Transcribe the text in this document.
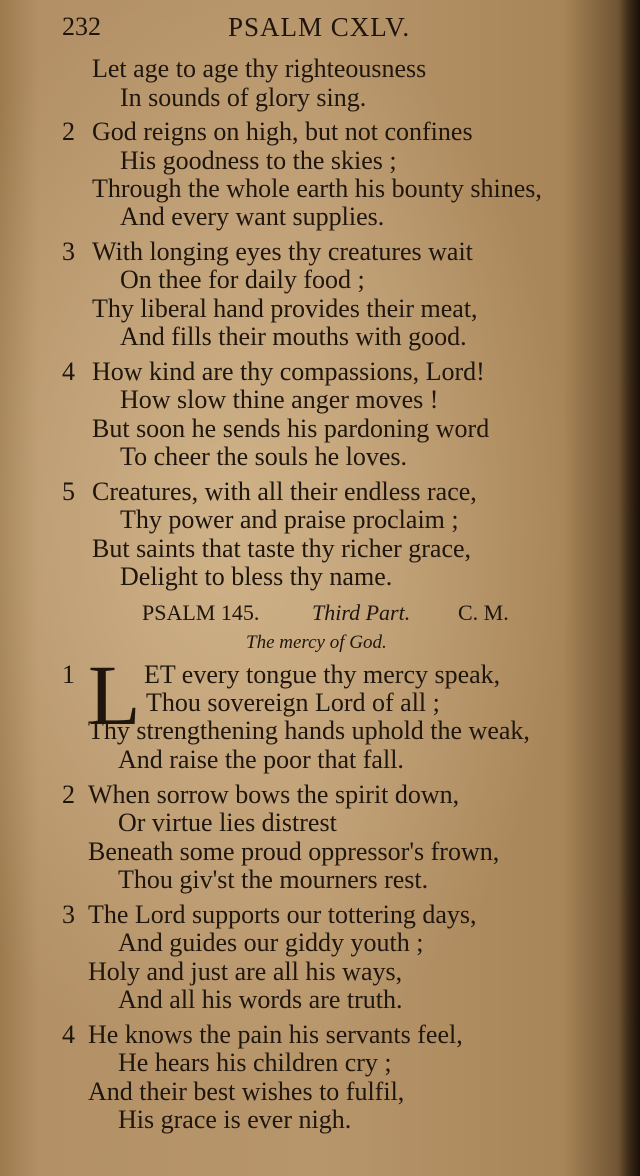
232	PSALM CXLV.
Let age to age thy righteousness
In sounds of glory sing.
2 God reigns on high, but not confines
His goodness to the skies ;
Through the whole earth his bounty shines,
And every want supplies.
3 With longing eyes thy creatures wait
On thee for daily food ;
Thy liberal hand provides their meat,
And fills their mouths with good.
4 How kind are thy compassions, Lord!
How slow thine anger moves !
But soon he sends his pardoning word
To cheer the souls he loves.
5 Creatures, with all their endless race,
Thy power and praise proclaim ;
But saints that taste thy richer grace,
Delight to bless thy name.
PSALM 145. Third Part. C. M.
The mercy of God.
1 L ET every tongue thy mercy speak,
Thou sovereign Lord of all ;
Thy strengthening hands uphold the weak,
And raise the poor that fall.
2 When sorrow bows the spirit down,
Or virtue lies distrest
Beneath some proud oppressor's frown,
Thou giv'st the mourners rest.
3 The Lord supports our tottering days,
And guides our giddy youth ;
Holy and just are all his ways,
And all his words are truth.
4 He knows the pain his servants feel,
He hears his children cry ;
And their best wishes to fulfil,
His grace is ever nigh.
